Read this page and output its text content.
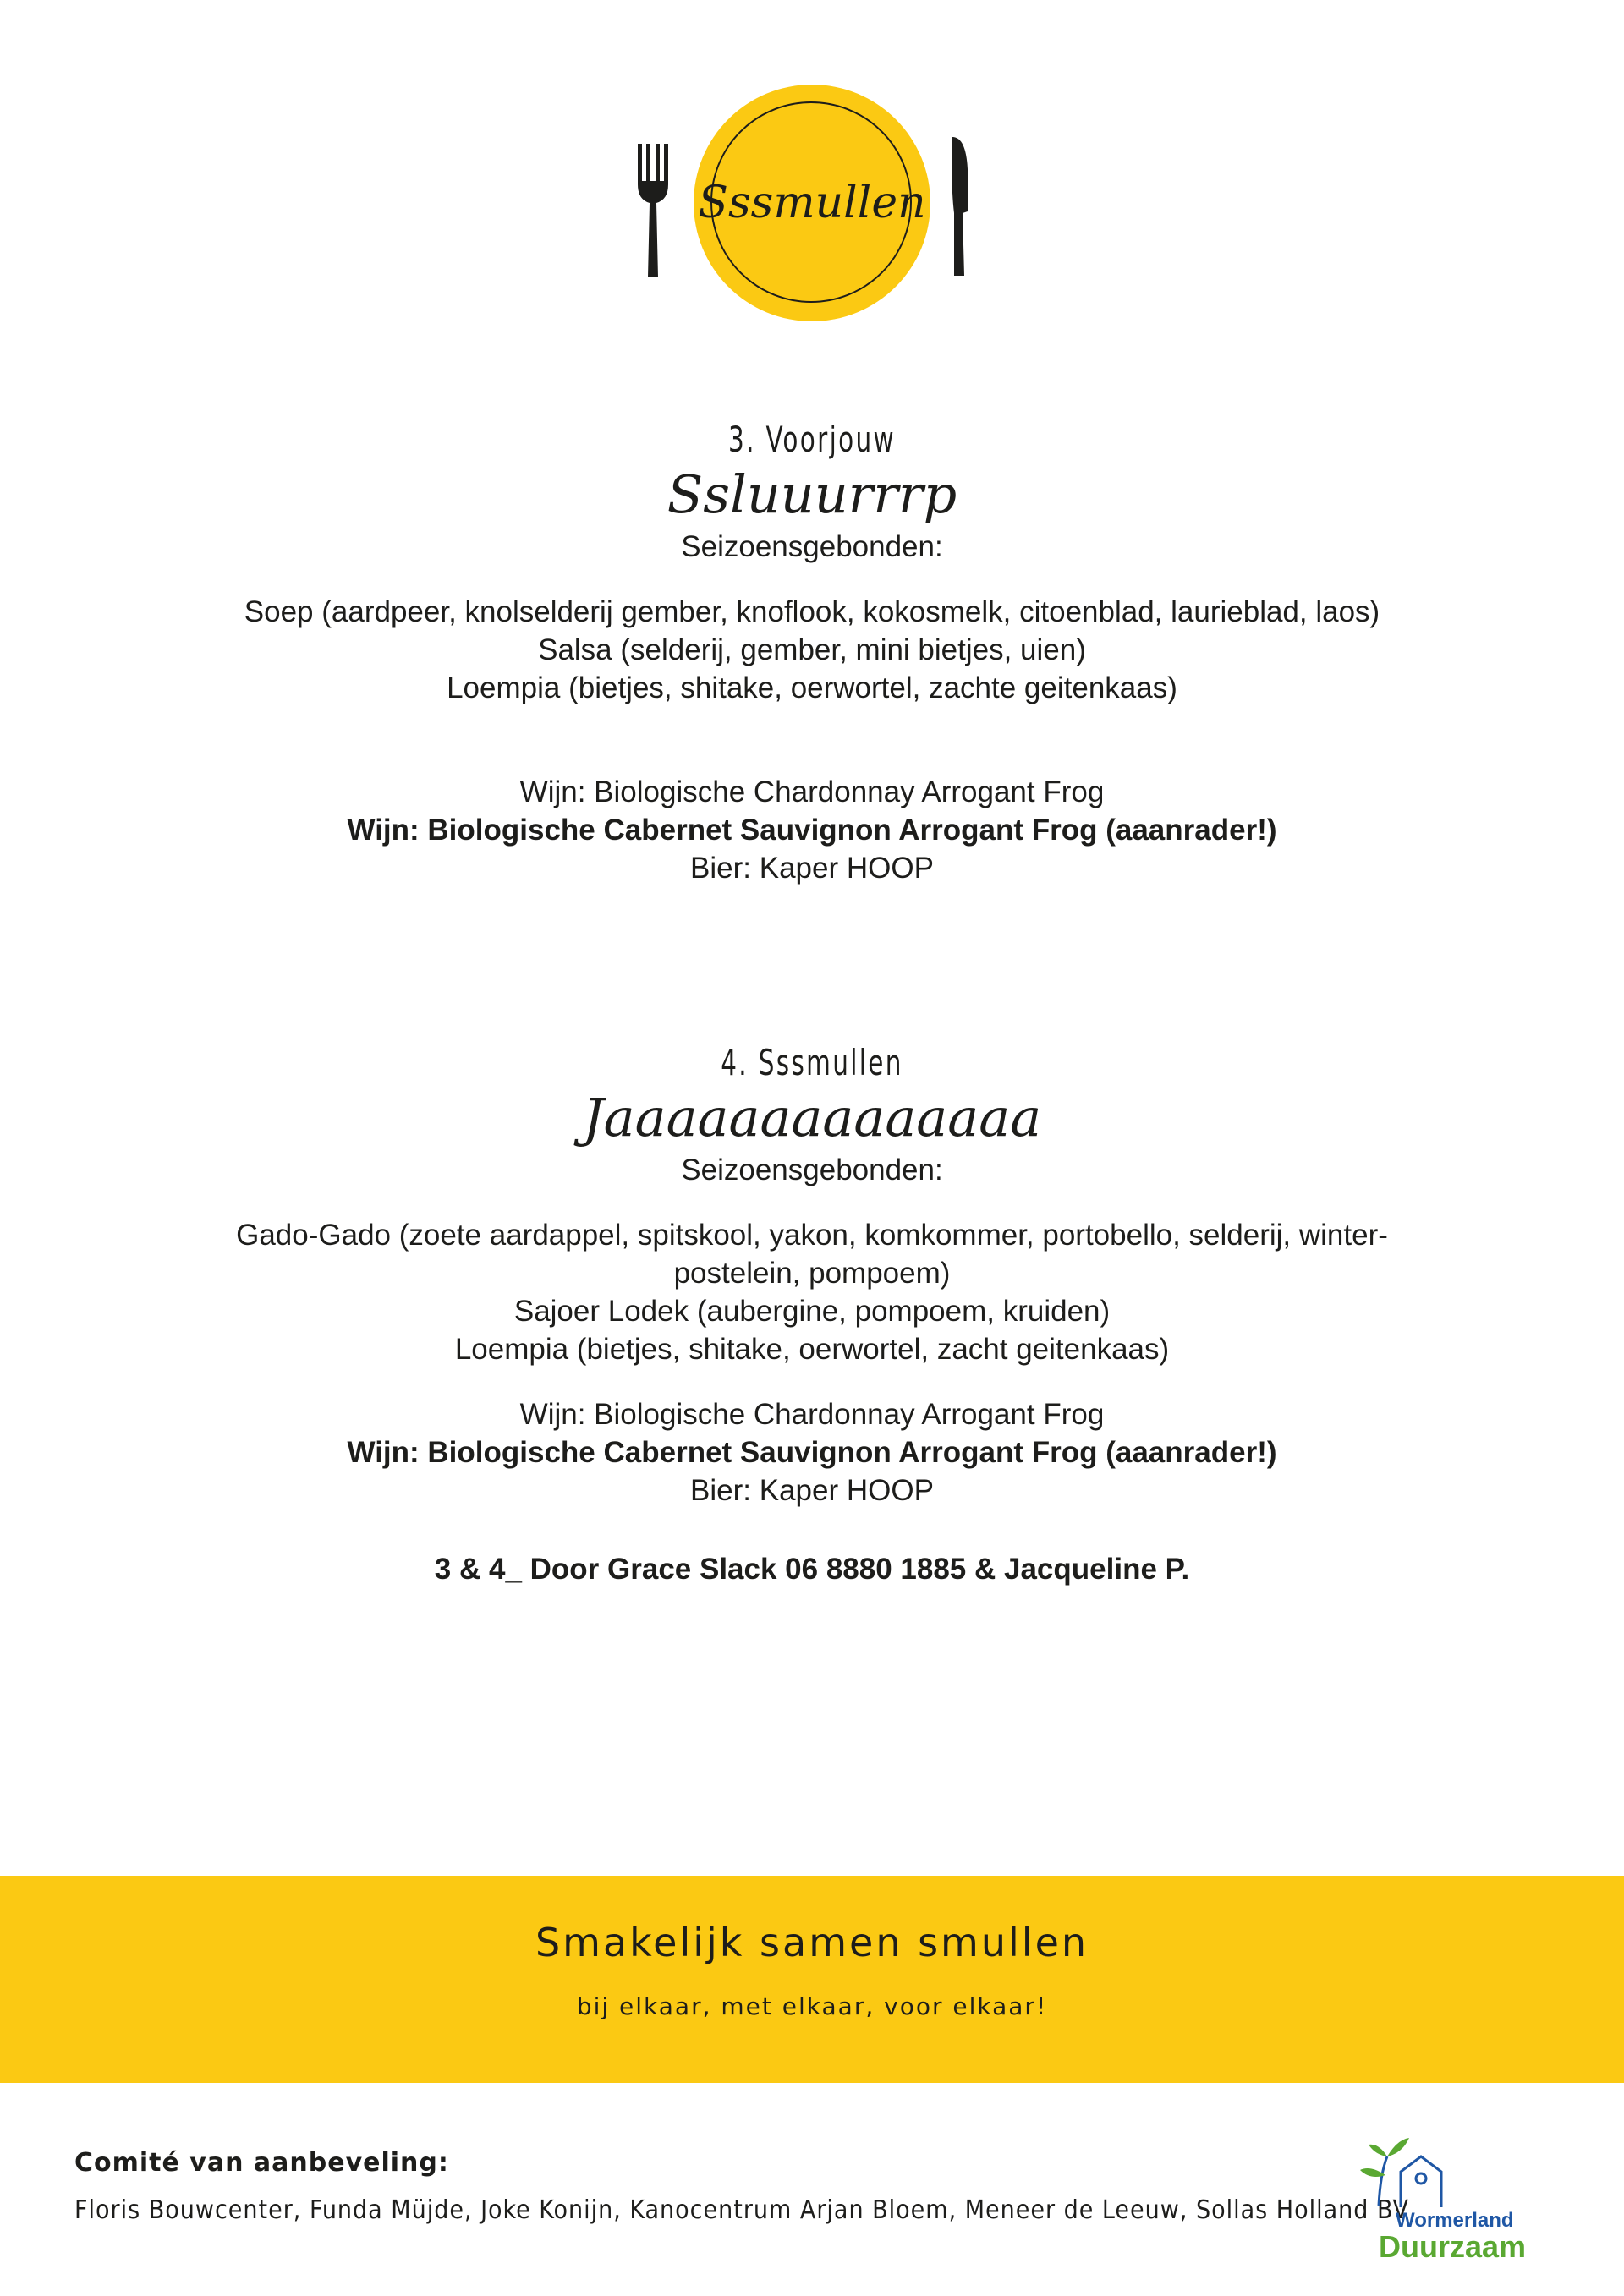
Sssmullen
3. Voorjouw
Ssluuurrrp
Seizoensgebonden:
Soep (aardpeer, knolselderij gember, knoflook, kokosmelk, citoenblad, laurieblad, laos)
Salsa (selderij, gember, mini bietjes, uien)
Loempia (bietjes, shitake, oerwortel, zachte geitenkaas)
Wijn: Biologische Chardonnay Arrogant Frog
Wijn: Biologische Cabernet Sauvignon Arrogant Frog (aaanrader!)
Bier: Kaper HOOP
4. Sssmullen
Jaaaaaaaaaaaaaa
Seizoensgebonden:
Gado-Gado (zoete aardappel, spitskool, yakon, komkommer, portobello, selderij, winter-
postelein, pompoem)
Sajoer Lodek (aubergine, pompoem, kruiden)
Loempia (bietjes, shitake, oerwortel, zacht geitenkaas)
Wijn: Biologische Chardonnay Arrogant Frog
Wijn: Biologische Cabernet Sauvignon Arrogant Frog (aaanrader!)
Bier: Kaper HOOP
3 & 4_ Door Grace Slack 06 8880 1885 & Jacqueline P.
Smakelijk samen smullen
bij elkaar, met elkaar, voor elkaar!
Comité van aanbeveling:
Floris Bouwcenter, Funda Müjde, Joke Konijn, Kanocentrum Arjan Bloem, Meneer de Leeuw, Sollas Holland BV
Wormerland
Duurzaam
